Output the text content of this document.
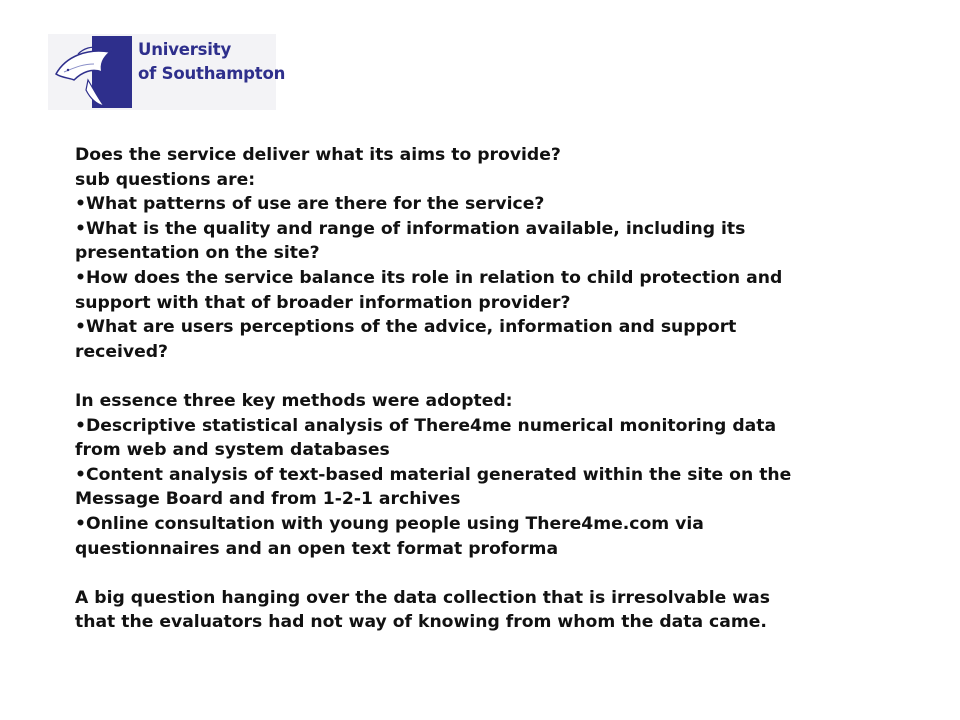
University
of Southampton
Does the service deliver what its aims to provide?
sub questions are:
•What patterns of use are there for the service?
•What is the quality and range of information available, including its
presentation on the site?
•How does the service balance its role in relation to child protection and
support with that of broader information provider?
•What are users perceptions of the advice, information and support
received?
In essence three key methods were adopted:
•Descriptive statistical analysis of There4me numerical monitoring data
from web and system databases
•Content analysis of text-based material generated within the site on the
Message Board and from 1-2-1 archives
•Online consultation with young people using There4me.com via
questionnaires and an open text format proforma
A big question hanging over the data collection that is irresolvable was
that the evaluators had not way of knowing from whom the data came.
